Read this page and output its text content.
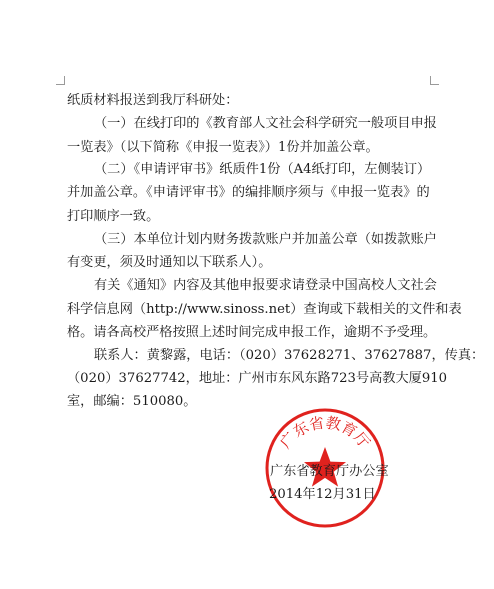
纸质材料报送到我厅科研处：
（一）在线打印的《教育部人文社会科学研究一般项目申报
一览表》（以下简称《申报一览表》）1份并加盖公章。
（二）《申请评审书》纸质件1份（A4纸打印，左侧装订）
并加盖公章。《申请评审书》的编排顺序须与《申报一览表》的
打印顺序一致。
（三）本单位计划内财务拨款账户并加盖公章（如拨款账户
有变更，须及时通知以下联系人）。
有关《通知》内容及其他申报要求请登录中国高校人文社会
科学信息网（http://www.sinoss.net）查询或下载相关的文件和表
格。请各高校严格按照上述时间完成申报工作，逾期不予受理。
联系人：黄黎露，电话：（020）37628271、37627887，传真：
（020）37627742，地址：广州市东风东路723号高教大厦910
室，邮编：510080。
广东省教育厅
广东省教育厅办公室
2014年12月31日
